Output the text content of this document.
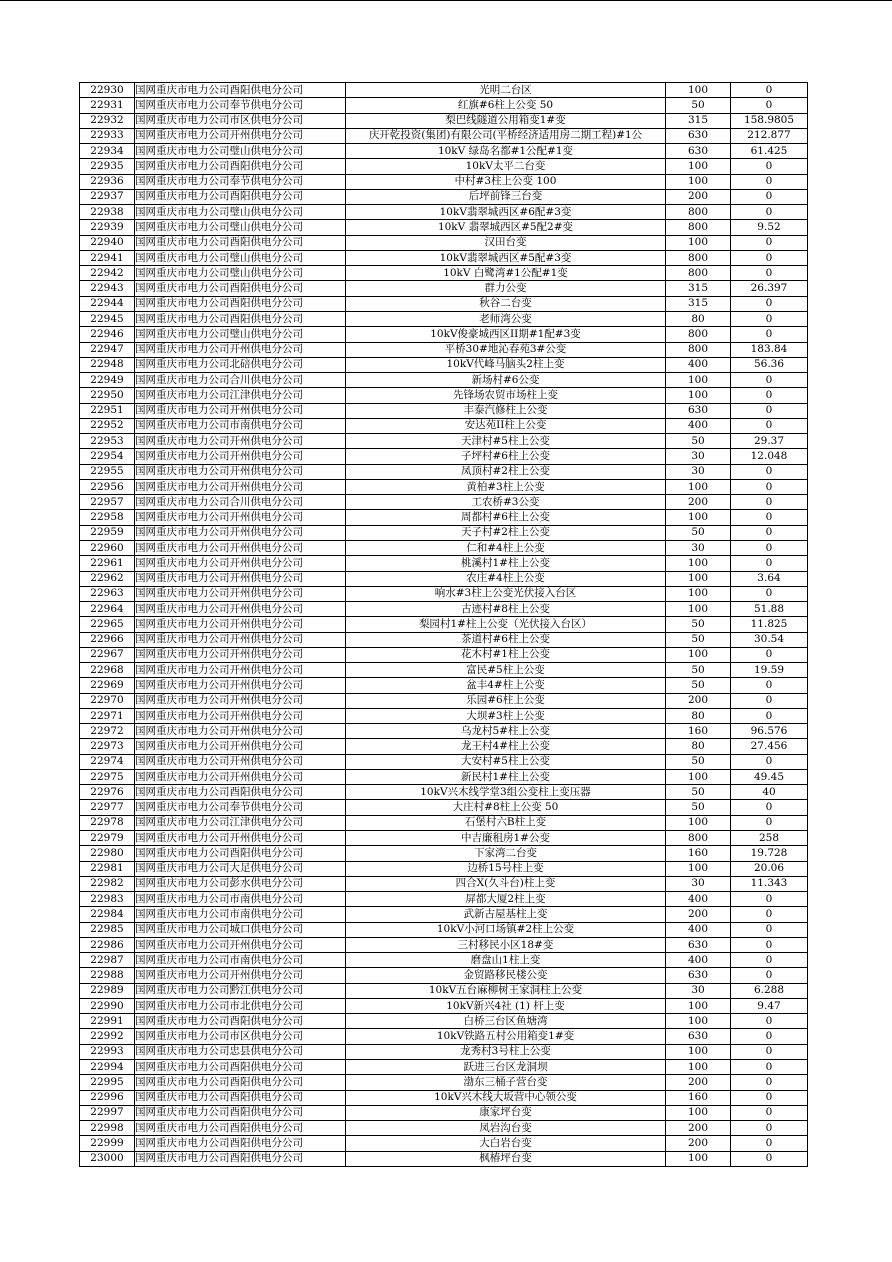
22930	国网重庆市电力公司酉阳供电分公司	光明二台区	100	0
22931	国网重庆市电力公司奉节供电分公司	红旗#6柱上公变 50	50	0
22932	国网重庆市电力公司市区供电分公司	梨巴线隧道公用箱变1#变	315	158.9805
22933	国网重庆市电力公司开州供电分公司	庆开乾投资(集团)有限公司(平桥经济适用房二期工程)#1公	630	212.877
22934	国网重庆市电力公司璧山供电分公司	10kV 绿岛名都#1公配#1变	630	61.425
22935	国网重庆市电力公司酉阳供电分公司	10kV太平二台变	100	0
22936	国网重庆市电力公司奉节供电分公司	中村#3柱上公变 100	100	0
22937	国网重庆市电力公司酉阳供电分公司	后坪前锋三台变	200	0
22938	国网重庆市电力公司璧山供电分公司	10kV翡翠城西区#6配#3变	800	0
22939	国网重庆市电力公司璧山供电分公司	10kV 翡翠城西区#5配2#变	800	9.52
22940	国网重庆市电力公司酉阳供电分公司	汉田台变	100	0
22941	国网重庆市电力公司璧山供电分公司	10kV翡翠城西区#5配#3变	800	0
22942	国网重庆市电力公司璧山供电分公司	10kV 白鹭湾#1公配#1变	800	0
22943	国网重庆市电力公司酉阳供电分公司	群力公变	315	26.397
22944	国网重庆市电力公司酉阳供电分公司	秋谷二台变	315	0
22945	国网重庆市电力公司酉阳供电分公司	老师湾公变	80	0
22946	国网重庆市电力公司璧山供电分公司	10kV俊豪城西区II期#1配#3变	800	0
22947	国网重庆市电力公司开州供电分公司	平桥30#地沁春苑3#公变	800	183.84
22948	国网重庆市电力公司北碚供电分公司	10kV代峰马脑头2柱上变	400	56.36
22949	国网重庆市电力公司合川供电分公司	新场村#6公变	100	0
22950	国网重庆市电力公司江津供电分公司	先锋场农贸市场柱上变	100	0
22951	国网重庆市电力公司开州供电分公司	丰泰汽修柱上公变	630	0
22952	国网重庆市电力公司市南供电分公司	安达苑II柱上公变	400	0
22953	国网重庆市电力公司开州供电分公司	天津村#5柱上公变	50	29.37
22954	国网重庆市电力公司开州供电分公司	子坪村#6柱上公变	30	12.048
22955	国网重庆市电力公司开州供电分公司	凤顶村#2柱上公变	30	0
22956	国网重庆市电力公司开州供电分公司	黄柏#3柱上公变	100	0
22957	国网重庆市电力公司合川供电分公司	工农桥#3公变	200	0
22958	国网重庆市电力公司开州供电分公司	周都村#6柱上公变	100	0
22959	国网重庆市电力公司开州供电分公司	天子村#2柱上公变	50	0
22960	国网重庆市电力公司开州供电分公司	仁和#4柱上公变	30	0
22961	国网重庆市电力公司开州供电分公司	桃溪村1#柱上公变	100	0
22962	国网重庆市电力公司开州供电分公司	农庄#4柱上公变	100	3.64
22963	国网重庆市电力公司开州供电分公司	响水#3柱上公变光伏接入台区	100	0
22964	国网重庆市电力公司开州供电分公司	古迹村#8柱上公变	100	51.88
22965	国网重庆市电力公司开州供电分公司	梨园村1#柱上公变（光伏接入台区）	50	11.825
22966	国网重庆市电力公司开州供电分公司	茶道村#6柱上公变	50	30.54
22967	国网重庆市电力公司开州供电分公司	花木村#1柱上公变	100	0
22968	国网重庆市电力公司开州供电分公司	富民#5柱上公变	50	19.59
22969	国网重庆市电力公司开州供电分公司	盆丰4#柱上公变	50	0
22970	国网重庆市电力公司开州供电分公司	乐园#6柱上公变	200	0
22971	国网重庆市电力公司开州供电分公司	大坝#3柱上公变	80	0
22972	国网重庆市电力公司开州供电分公司	乌龙村5#柱上公变	160	96.576
22973	国网重庆市电力公司开州供电分公司	龙王村4#柱上公变	80	27.456
22974	国网重庆市电力公司开州供电分公司	大安村#5柱上公变	50	0
22975	国网重庆市电力公司开州供电分公司	新民村1#柱上公变	100	49.45
22976	国网重庆市电力公司酉阳供电分公司	10kV兴木线学堂3组公变柱上变压器	50	40
22977	国网重庆市电力公司奉节供电分公司	大庄村#8柱上公变 50	50	0
22978	国网重庆市电力公司江津供电分公司	石堡村六B柱上变	100	0
22979	国网重庆市电力公司开州供电分公司	中吉廉租房1#公变	800	258
22980	国网重庆市电力公司酉阳供电分公司	下家湾二台变	160	19.728
22981	国网重庆市电力公司大足供电分公司	边桥15号柱上变	100	20.06
22982	国网重庆市电力公司彭水供电分公司	四合X(久斗台)柱上变	30	11.343
22983	国网重庆市电力公司市南供电分公司	屏都大厦2柱上变	400	0
22984	国网重庆市电力公司市南供电分公司	武新古屋基柱上变	200	0
22985	国网重庆市电力公司城口供电分公司	10kV小河口场镇#2柱上公变	400	0
22986	国网重庆市电力公司开州供电分公司	三村移民小区18#变	630	0
22987	国网重庆市电力公司市南供电分公司	磨盘山1柱上变	400	0
22988	国网重庆市电力公司开州供电分公司	金贸路移民楼公变	630	0
22989	国网重庆市电力公司黔江供电分公司	10kV五台麻柳树王家洞柱上公变	30	6.288
22990	国网重庆市电力公司市北供电分公司	10kV新兴4社 (1) 杆上变	100	9.47
22991	国网重庆市电力公司酉阳供电分公司	白桥三台区鱼塘湾	100	0
22992	国网重庆市电力公司市区供电分公司	10kV铁路五村公用箱变1#变	630	0
22993	国网重庆市电力公司忠县供电分公司	龙秀村3号柱上公变	100	0
22994	国网重庆市电力公司酉阳供电分公司	跃进三台区龙洞坝	100	0
22995	国网重庆市电力公司酉阳供电分公司	渤东三桶子营台变	200	0
22996	国网重庆市电力公司酉阳供电分公司	10kV兴木线大坂营中心领公变	160	0
22997	国网重庆市电力公司酉阳供电分公司	康家坪台变	100	0
22998	国网重庆市电力公司酉阳供电分公司	凤岩沟台变	200	0
22999	国网重庆市电力公司酉阳供电分公司	大白岩台变	200	0
23000	国网重庆市电力公司酉阳供电分公司	枫椿坪台变	100	0
